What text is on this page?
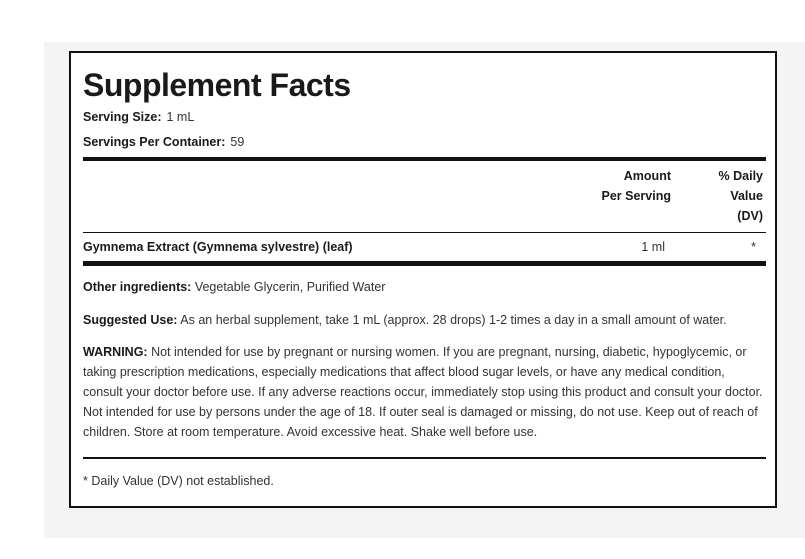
Supplement Facts
Serving Size: 1 mL
Servings Per Container: 59
Amount
Per Serving
% Daily
Value
(DV)
Gymnema Extract (Gymnema sylvestre) (leaf)	1 ml	*
Other ingredients: Vegetable Glycerin, Purified Water
Suggested Use: As an herbal supplement, take 1 mL (approx. 28 drops) 1-2 times a day in a small amount of water.
WARNING: Not intended for use by pregnant or nursing women. If you are pregnant, nursing, diabetic, hypoglycemic, or taking prescription medications, especially medications that affect blood sugar levels, or have any medical condition, consult your doctor before use. If any adverse reactions occur, immediately stop using this product and consult your doctor. Not intended for use by persons under the age of 18. If outer seal is damaged or missing, do not use. Keep out of reach of children. Store at room temperature. Avoid excessive heat. Shake well before use.
* Daily Value (DV) not established.
